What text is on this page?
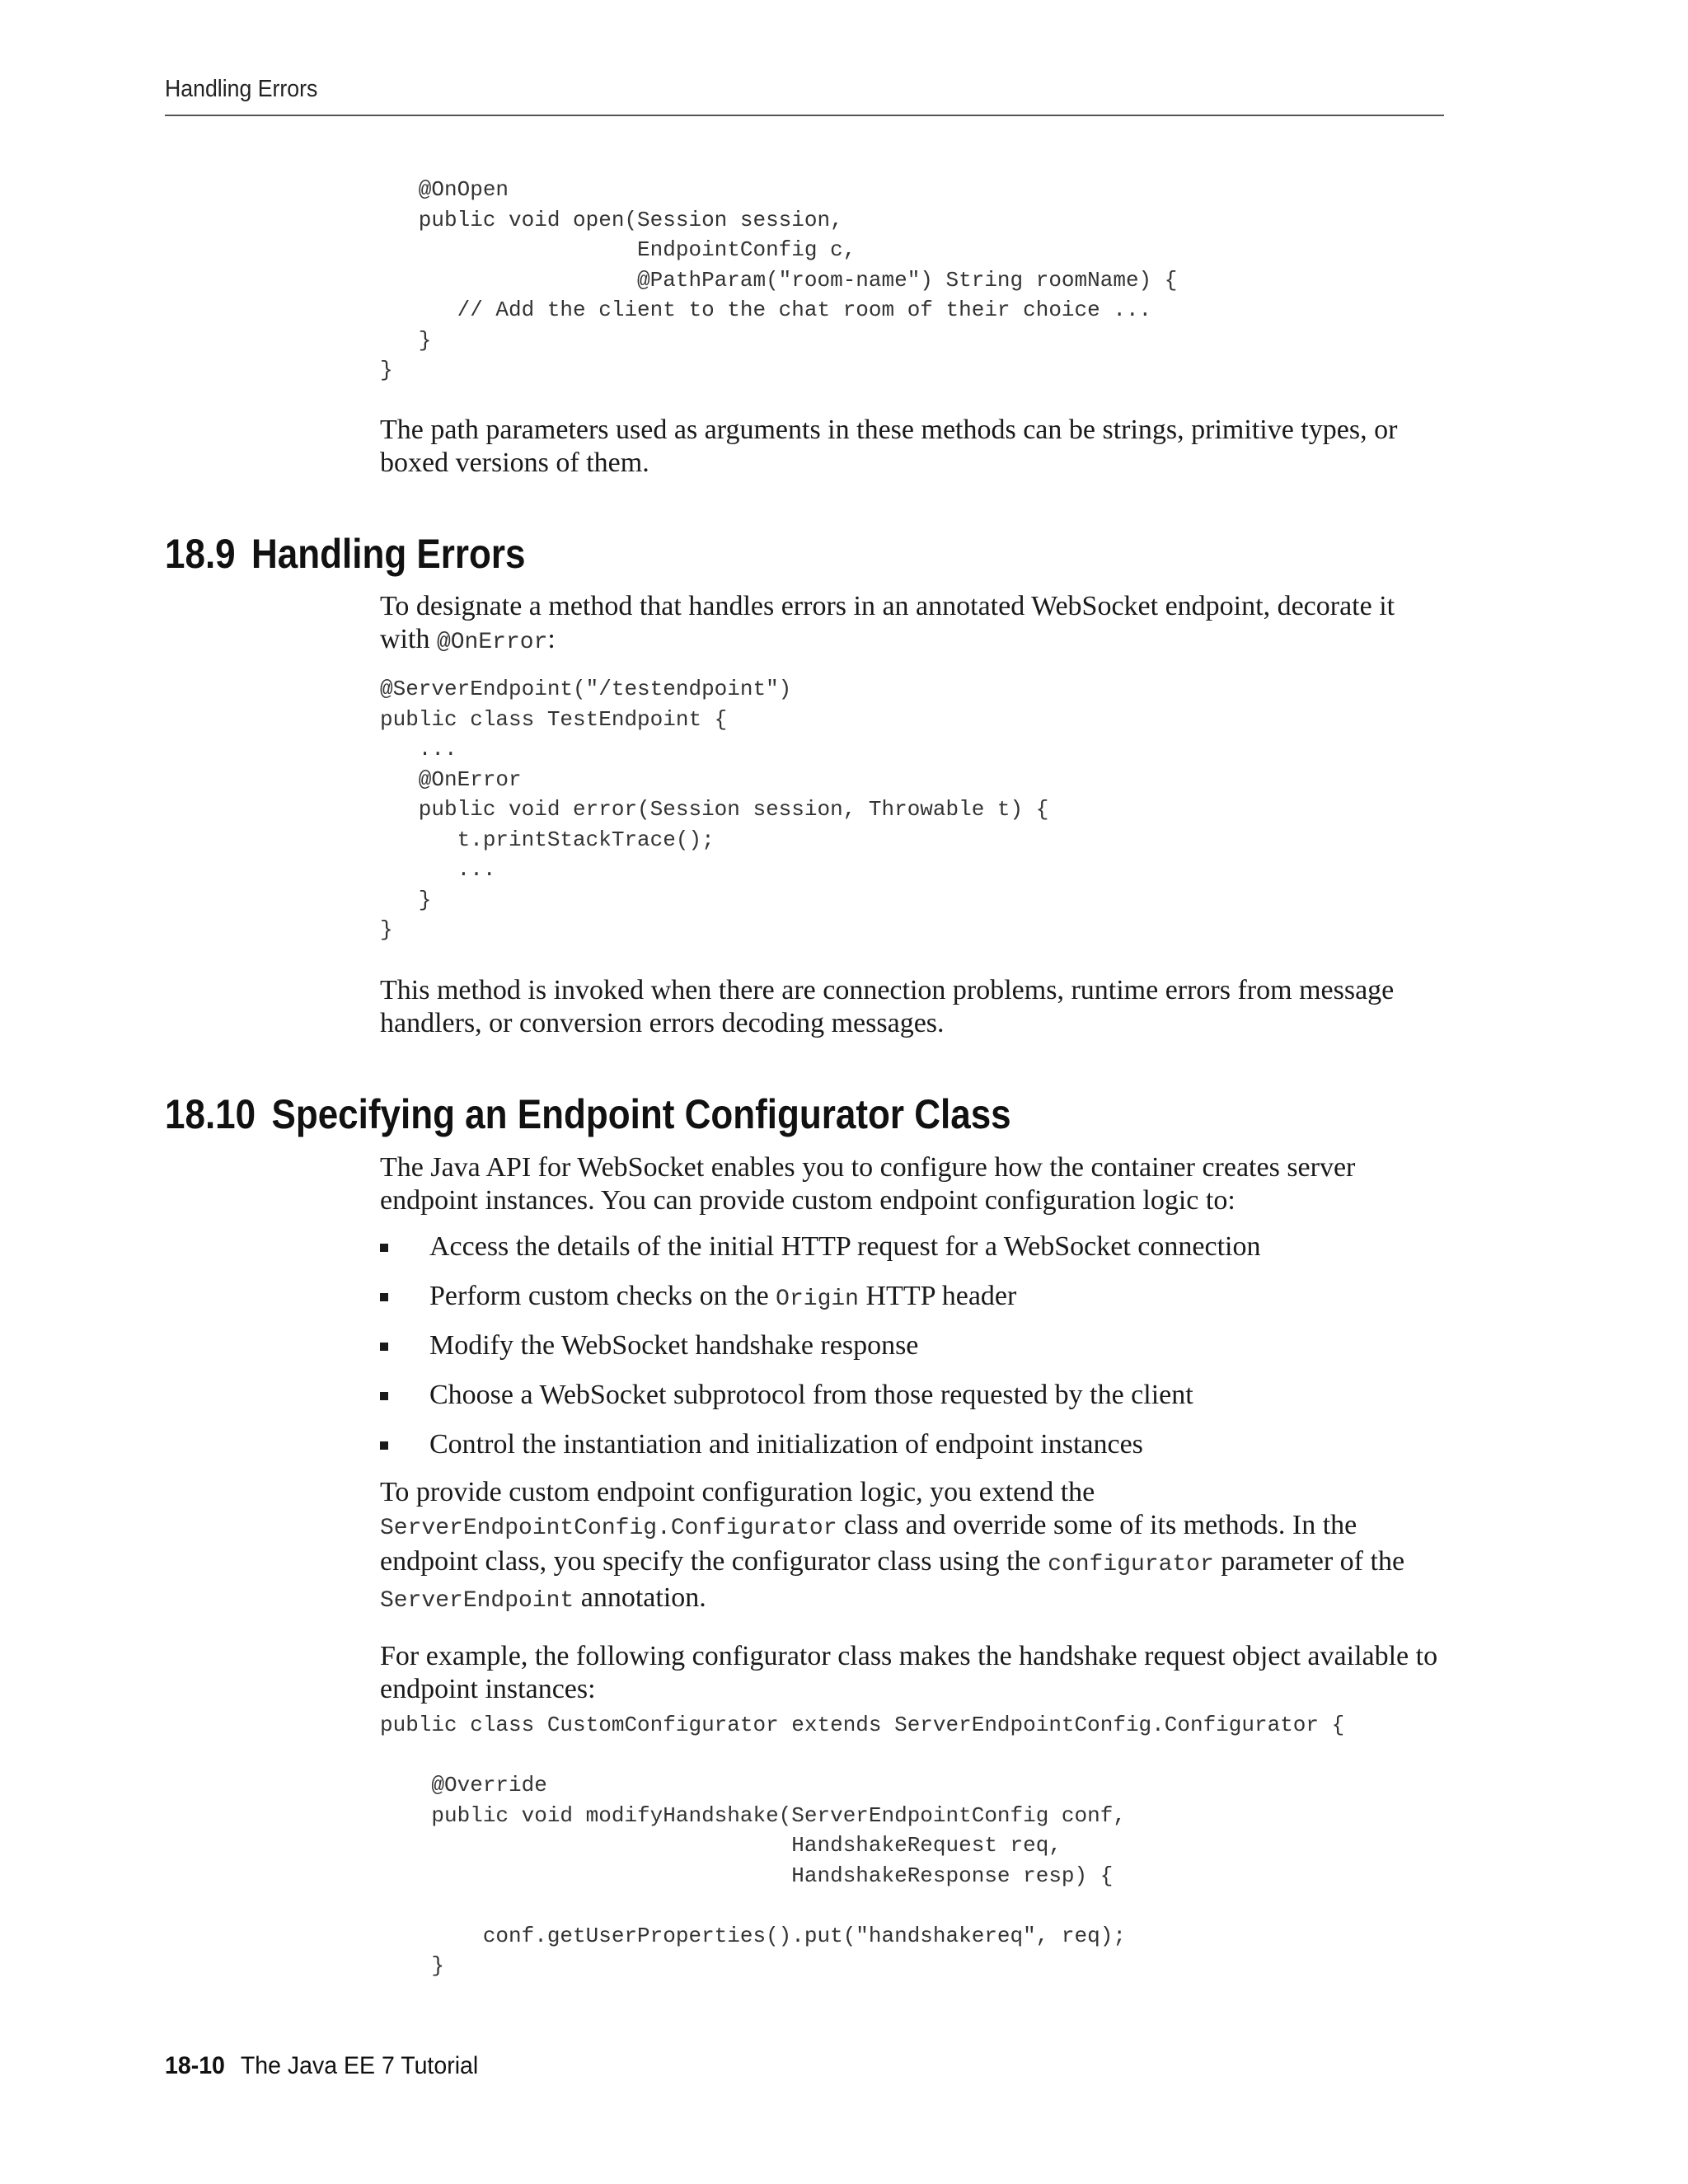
Handling Errors
@OnOpen
public void open(Session session,
EndpointConfig c,
@PathParam("room-name") String roomName) {
// Add the client to the chat room of their choice ...
}
}

The path parameters used as arguments in these methods can be strings, primitive types, or boxed versions of them.

18.9 Handling Errors

To designate a method that handles errors in an annotated WebSocket endpoint, decorate it with @OnError:

@ServerEndpoint("/testendpoint")
public class TestEndpoint {
...
@OnError
public void error(Session session, Throwable t) {
t.printStackTrace();
...
}
}

This method is invoked when there are connection problems, runtime errors from message handlers, or conversion errors decoding messages.

18.10 Specifying an Endpoint Configurator Class

The Java API for WebSocket enables you to configure how the container creates server endpoint instances. You can provide custom endpoint configuration logic to:

Access the details of the initial HTTP request for a WebSocket connection
Perform custom checks on the Origin HTTP header
Modify the WebSocket handshake response
Choose a WebSocket subprotocol from those requested by the client
Control the instantiation and initialization of endpoint instances

To provide custom endpoint configuration logic, you extend the ServerEndpointConfig.Configurator class and override some of its methods. In the endpoint class, you specify the configurator class using the configurator parameter of the ServerEndpoint annotation.

For example, the following configurator class makes the handshake request object available to endpoint instances:

public class CustomConfigurator extends ServerEndpointConfig.Configurator {

@Override
public void modifyHandshake(ServerEndpointConfig conf,
HandshakeRequest req,
HandshakeResponse resp) {

conf.getUserProperties().put("handshakereq", req);
}
18-10 The Java EE 7 Tutorial
